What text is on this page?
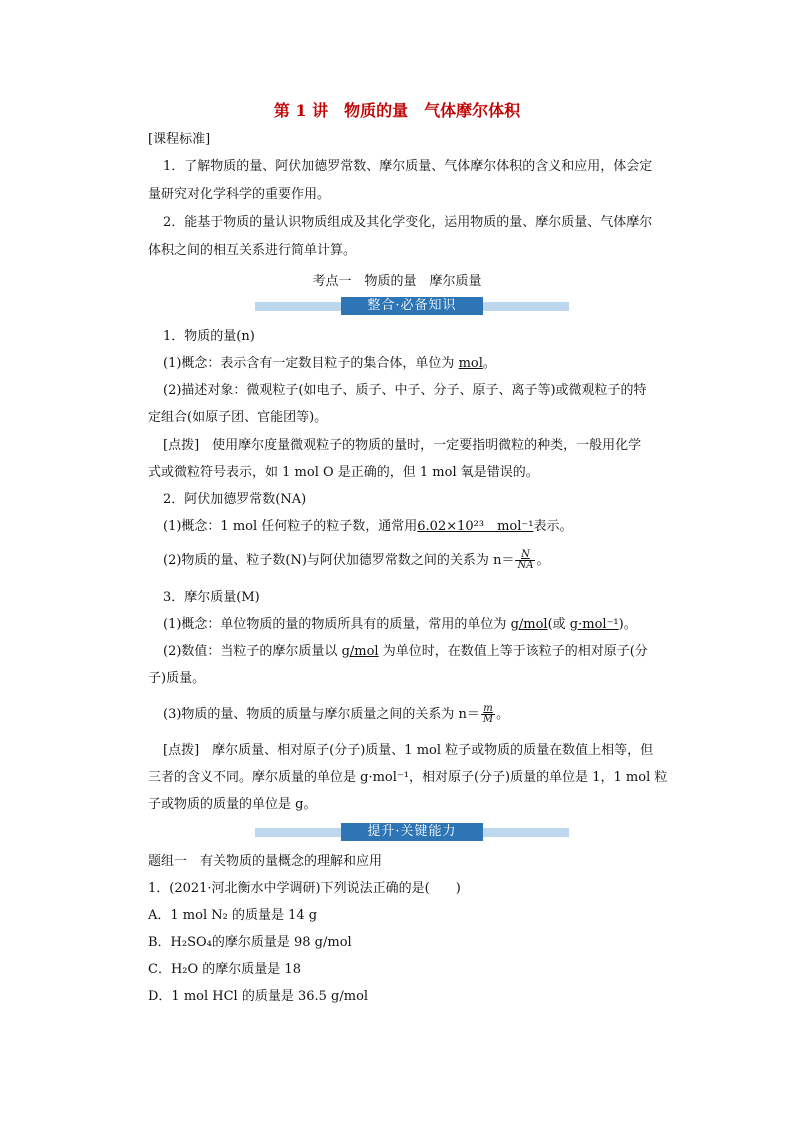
第 1 讲　物质的量　气体摩尔体积
[课程标准]
1．了解物质的量、阿伏加德罗常数、摩尔质量、气体摩尔体积的含义和应用，体会定
量研究对化学科学的重要作用。
2．能基于物质的量认识物质组成及其化学变化，运用物质的量、摩尔质量、气体摩尔
体积之间的相互关系进行简单计算。
考点一　物质的量　摩尔质量
整合·必备知识
1．物质的量(n)
(1)概念：表示含有一定数目粒子的集合体，单位为 mol。
(2)描述对象：微观粒子(如电子、质子、中子、分子、原子、离子等)或微观粒子的特
定组合(如原子团、官能团等)。
[点拨]　使用摩尔度量微观粒子的物质的量时，一定要指明微粒的种类，一般用化学
式或微粒符号表示，如 1 mol O 是正确的，但 1 mol 氧是错误的。
2．阿伏加德罗常数(NA)
(1)概念：1 mol 任何粒子的粒子数，通常用6.02×10²³　mol⁻¹表示。
(2)物质的量、粒子数(N)与阿伏加德罗常数之间的关系为 $n= \frac{N}{NA}$ 。
3．摩尔质量(M)
(1)概念：单位物质的量的物质所具有的质量，常用的单位为 g/mol(或 g·mol⁻¹)。
(2)数值：当粒子的摩尔质量以 g/mol 为单位时，在数值上等于该粒子的相对原子(分
子)质量。
(3)物质的量、物质的质量与摩尔质量之间的关系为 $n= \frac{m}{M}$ 。
[点拨]　摩尔质量、相对原子(分子)质量、1 mol 粒子或物质的质量在数值上相等，但
三者的含义不同。摩尔质量的单位是 g·mol⁻¹，相对原子(分子)质量的单位是 1，1 mol 粒
子或物质的质量的单位是 g。
提升·关键能力
题组一　有关物质的量概念的理解和应用
1．(2021·河北衡水中学调研)下列说法正确的是(　　)
A．1 mol N₂ 的质量是 14 g
B．H₂SO₄的摩尔质量是 98 g/mol
C．H₂O 的摩尔质量是 18
D．1 mol HCl 的质量是 36.5 g/mol
